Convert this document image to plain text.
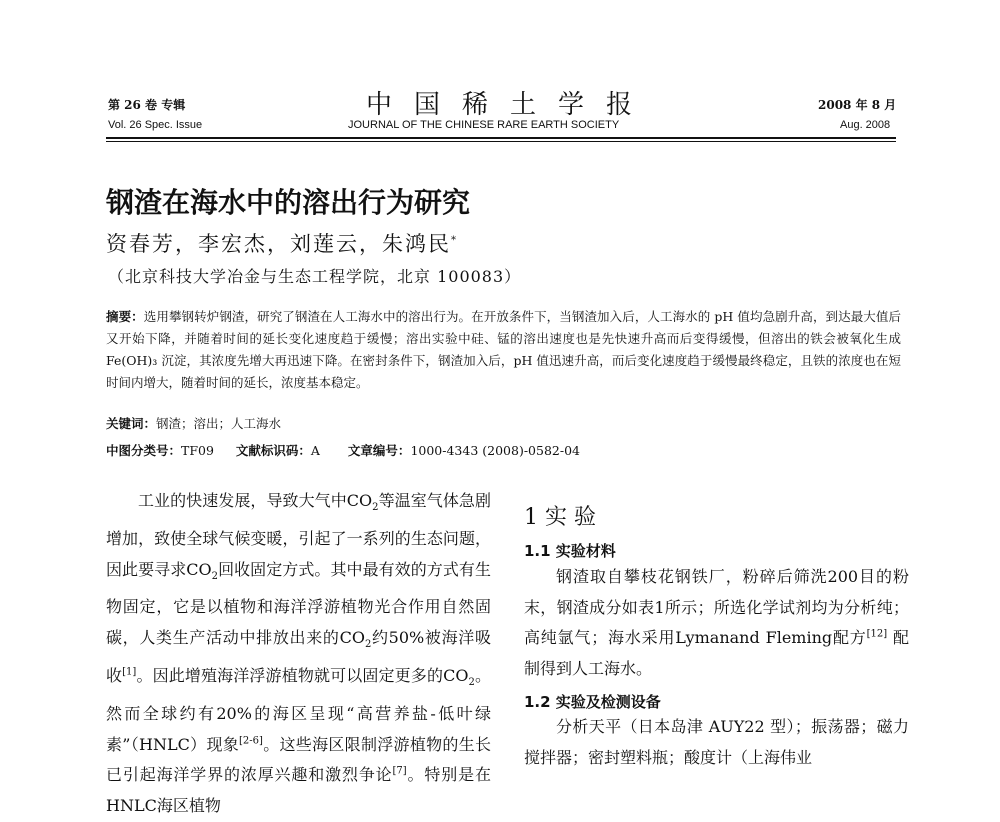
第 26 卷 专辑	中国稀土学报	2008 年 8 月
Vol. 26 Spec. Issue	JOURNAL OF THE CHINESE RARE EARTH SOCIETY	Aug. 2008
钢渣在海水中的溶出行为研究
资春芳，李宏杰，刘莲云，朱鸿民*
（北京科技大学冶金与生态工程学院，北京 100083）
摘要：选用攀钢转炉钢渣，研究了钢渣在人工海水中的溶出行为。在开放条件下，当钢渣加入后，人工海水的 pH 值均急剧升高，到达最大值后又开始下降，并随着时间的延长变化速度趋于缓慢；溶出实验中硅、锰的溶出速度也是先快速升高而后变得缓慢，但溶出的铁会被氧化生成 Fe(OH)₃ 沉淀，其浓度先增大再迅速下降。在密封条件下，钢渣加入后，pH 值迅速升高，而后变化速度趋于缓慢最终稳定，且铁的浓度也在短时间内增大，随着时间的延长，浓度基本稳定。
关键词：钢渣；溶出；人工海水
中图分类号：TF09 文献标识码：A 文章编号：1000-4343 (2008)-0582-04

工业的快速发展，导致大气中$CO_2$等温室气体急剧增加，致使全球气候变暖，引起了一系列的生态问题，因此要寻求$CO_2$回收固定方式。其中最有效的方式有生物固定，它是以植物和海洋浮游植物光合作用自然固碳，人类生产活动中排放出来的$CO_2$约50%被海洋吸收[1]。因此增殖海洋浮游植物就可以固定更多的$CO_2$。然而全球约有20%的海区呈现“高营养盐-低叶绿素”（HNLC）现象[2-6]。这些海区限制浮游植物的生长已引起海洋学界的浓厚兴趣和激烈争论[7]。特别是在HNLC海区植物

1 实 验
1.1 实验材料

钢渣取自攀枝花钢铁厂，粉碎后筛洗200目的粉末，钢渣成分如表1所示；所选化学试剂均为分析纯；高纯氩气；海水采用Lymanand Fleming配方[12] 配制得到人工海水。

1.2 实验及检测设备

分析天平（日本岛津 AUY22 型）；振荡器；磁力搅拌器；密封塑料瓶；酸度计（上海伟业
